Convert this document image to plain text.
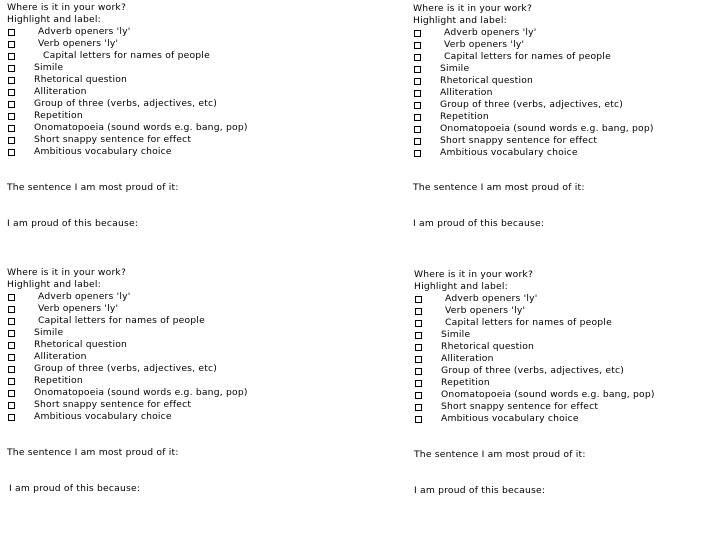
Where is it in your work?
Highlight and label:
Adverb openers 'ly'
Verb openers 'ly'
Capital letters for names of people
Simile
Rhetorical question
Alliteration
Group of three (verbs, adjectives, etc)
Repetition
Onomatopoeia (sound words e.g. bang, pop)
Short snappy sentence for effect
Ambitious vocabulary choice
The sentence I am most proud of it:
I am proud of this because:
Where is it in your work?
Highlight and label:
Adverb openers 'ly'
Verb openers 'ly'
Capital letters for names of people
Simile
Rhetorical question
Alliteration
Group of three (verbs, adjectives, etc)
Repetition
Onomatopoeia (sound words e.g. bang, pop)
Short snappy sentence for effect
Ambitious vocabulary choice
The sentence I am most proud of it:
I am proud of this because:
Where is it in your work?
Highlight and label:
Adverb openers 'ly'
Verb openers 'ly'
Capital letters for names of people
Simile
Rhetorical question
Alliteration
Group of three (verbs, adjectives, etc)
Repetition
Onomatopoeia (sound words e.g. bang, pop)
Short snappy sentence for effect
Ambitious vocabulary choice
The sentence I am most proud of it:
I am proud of this because:
Where is it in your work?
Highlight and label:
Adverb openers 'ly'
Verb openers 'ly'
Capital letters for names of people
Simile
Rhetorical question
Alliteration
Group of three (verbs, adjectives, etc)
Repetition
Onomatopoeia (sound words e.g. bang, pop)
Short snappy sentence for effect
Ambitious vocabulary choice
The sentence I am most proud of it:
I am proud of this because:
